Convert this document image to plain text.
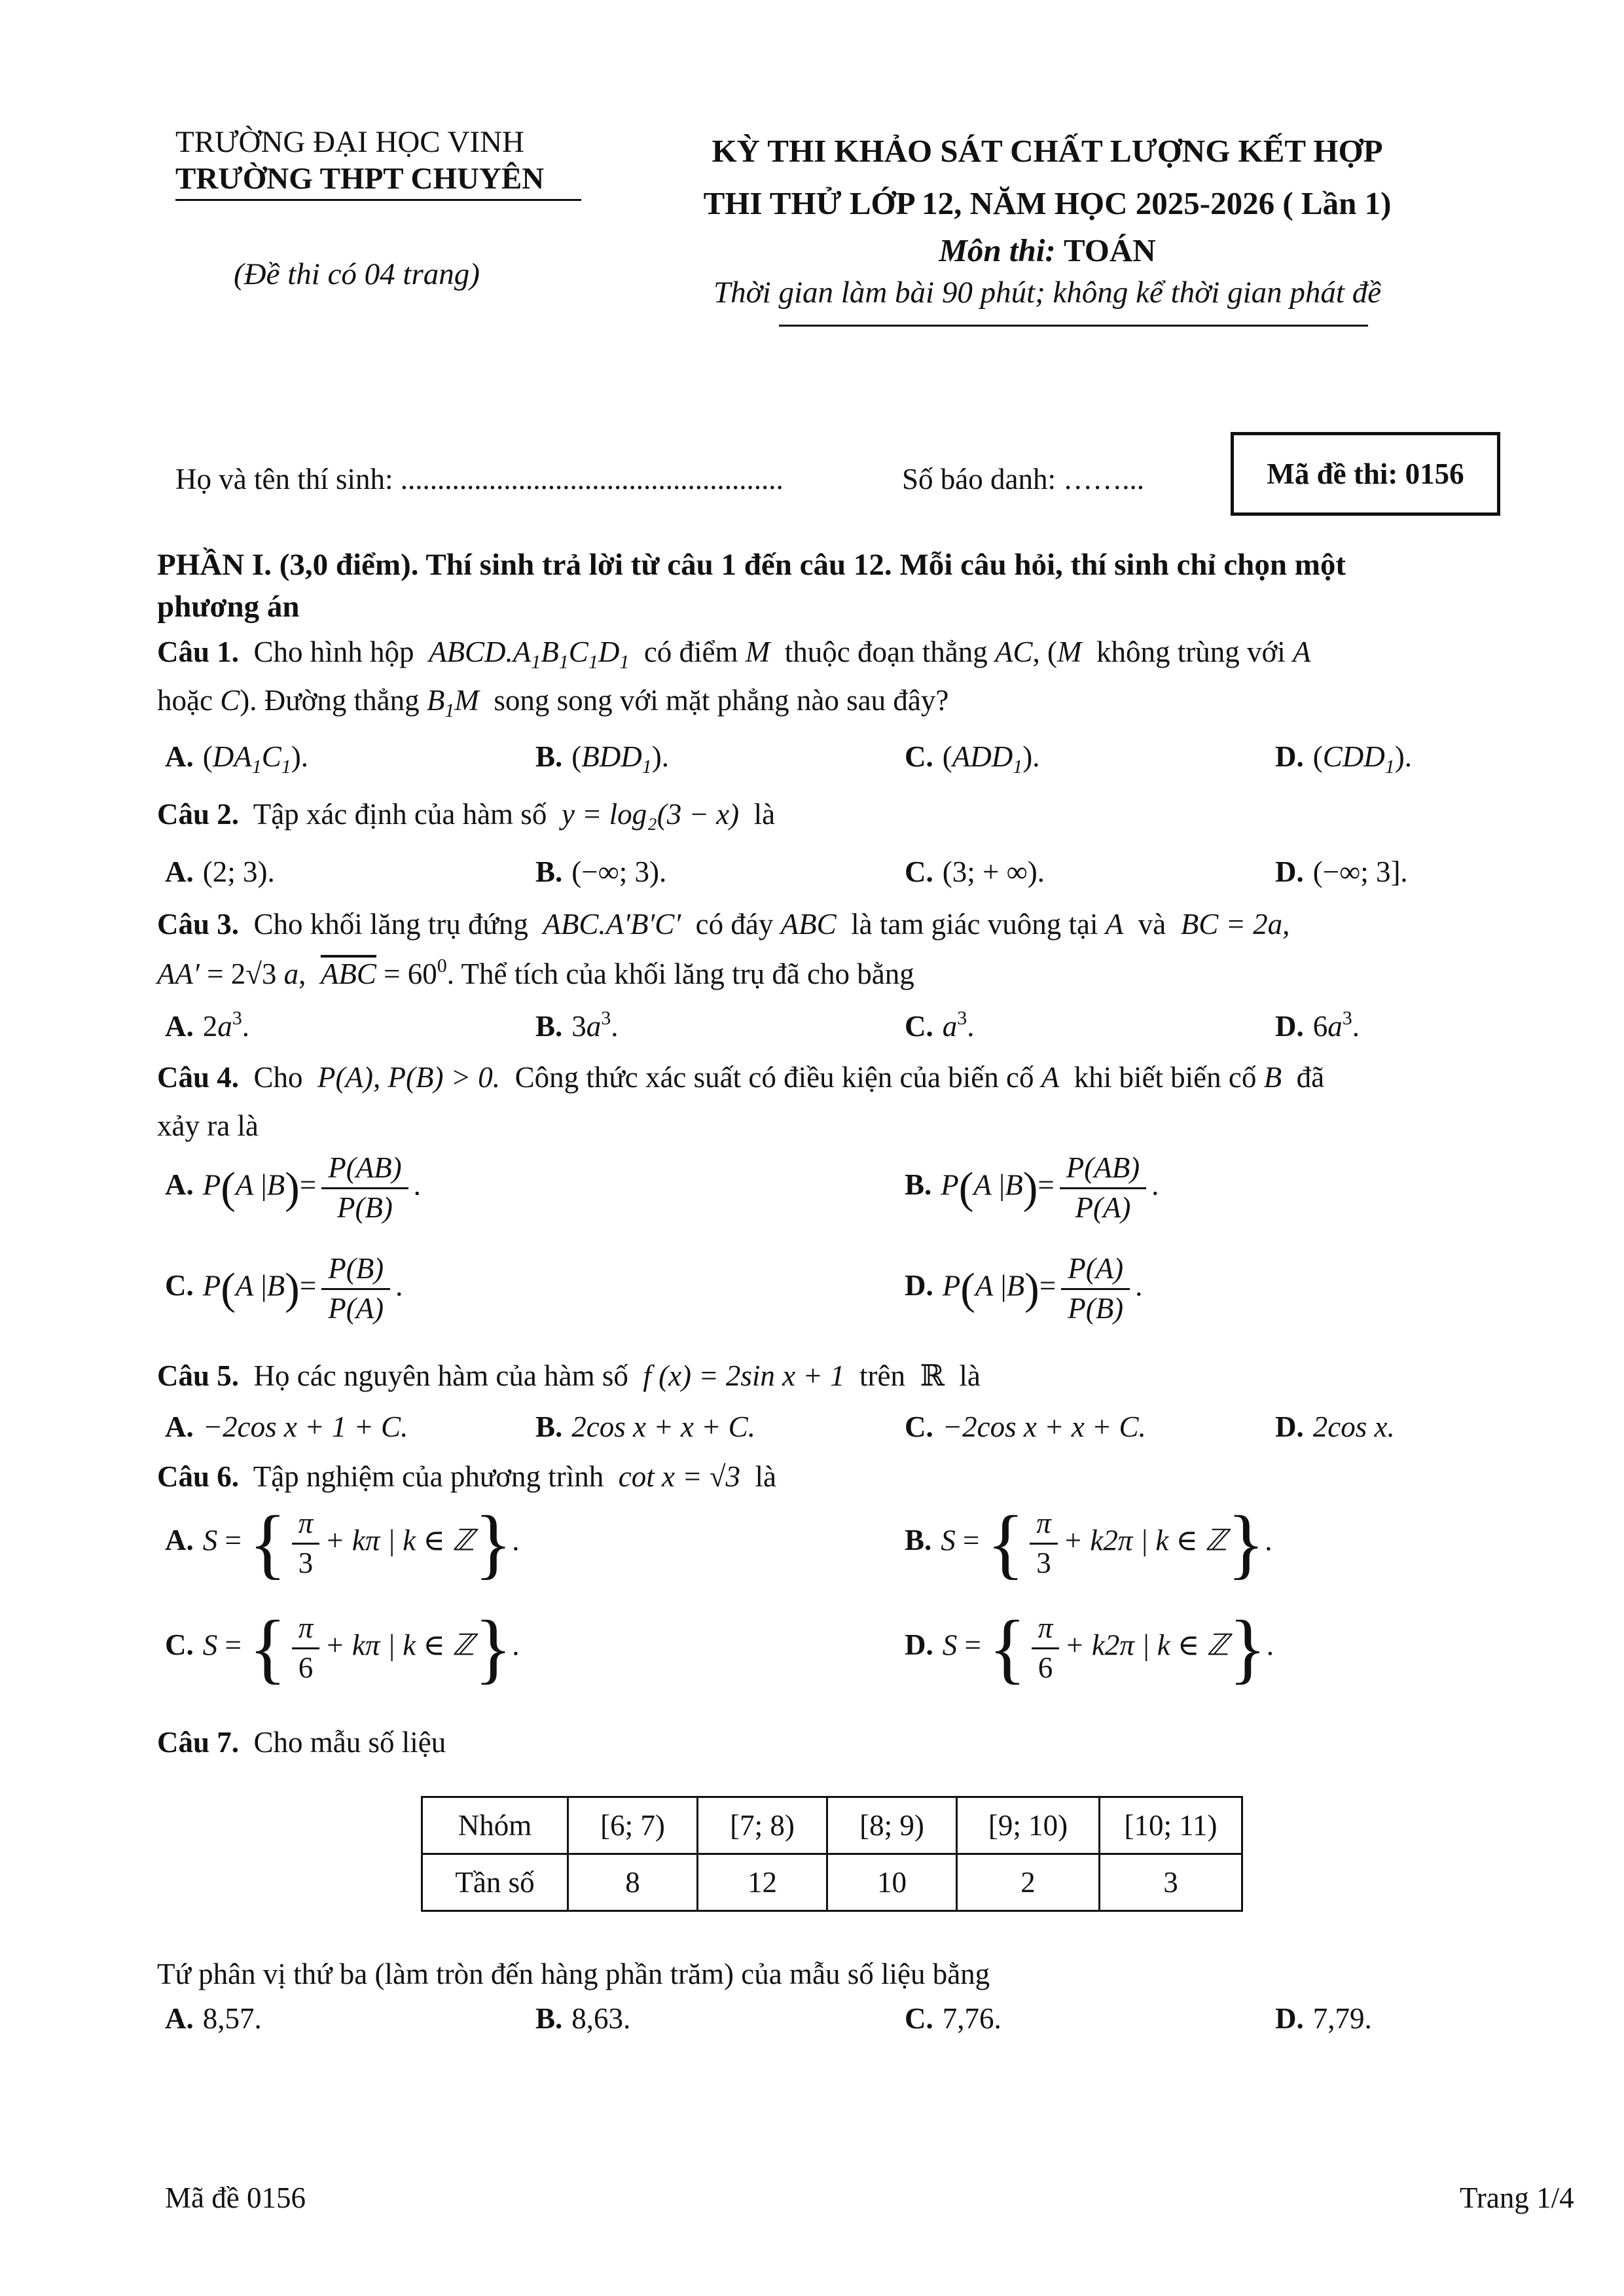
TRƯỜNG ĐẠI HỌC VINH
TRƯỜNG THPT CHUYÊN
(Đề thi có 04 trang)
KỲ THI KHẢO SÁT CHẤT LƯỢNG KẾT HỢP
THI THỬ LỚP 12, NĂM HỌC 2025-2026 ( Lần 1)
Môn thi: TOÁN
Thời gian làm bài 90 phút; không kể thời gian phát đề
Họ và tên thí sinh: ....................................................	Số báo danh: ……...	Mã đề thi: 0156
PHẦN I. (3,0 điểm). Thí sinh trả lời từ câu 1 đến câu 12. Mỗi câu hỏi, thí sinh chỉ chọn một
phương án
Câu 1. Cho hình hộp $ABCD.A_1B_1C_1D_1$ có điểm M thuộc đoạn thẳng AC, (M không trùng với A
hoặc C). Đường thẳng $B_1M$ song song với mặt phẳng nào sau đây?
A. $(DA_1C_1)$.	B. $(BDD_1)$.	C. $(ADD_1)$.	D. $(CDD_1)$.
Câu 2. Tập xác định của hàm số y = log₂(3 − x) là
A. (2; 3).	B. (−∞; 3).	C. (3; + ∞).	D. (−∞; 3].
Câu 3. Cho khối lăng trụ đứng ABC.A′B′C′ có đáy ABC là tam giác vuông tại A và BC = 2a,
AA′ = 2√3 a,  $\overline{ABC} = 60^0$. Thể tích của khối lăng trụ đã cho bằng
A. $2a^3$.	B. $3a^3$.	C. $a^3$.	D. $6a^3$.
Câu 4. Cho P(A), P(B) > 0. Công thức xác suất có điều kiện của biến cố A khi biết biến cố B đã
xảy ra là
A. P(A $|B)= \frac{P(AB)}{P(B)}$ .	B. P(A $|B)= \frac{P(AB)}{P(A)}$ .
C. P(A $|B)= \frac{P(B)}{P(A)}$ .	D. P(A $|B)= \frac{P(A)}{P(B)}$ .
Câu 5. Họ các nguyên hàm của hàm số f (x) = 2sin x + 1 trên ℝ là
A. −2cos x + 1 + C.	B. 2cos x + x + C.	C. −2cos x + x + C.	D. 2cos x.
Câu 6. Tập nghiệm của phương trình cot x = √3 là
A. S = { $\frac{\pi}{3} + k\pi$ | k ∈ ℤ}.	B. S = { $\frac{\pi}{3} + k2\pi$ | k ∈ ℤ}.
C. S = { $\frac{\pi}{6} + k\pi$ | k ∈ ℤ}.	D. S = { $\frac{\pi}{6} + k2\pi$ | k ∈ ℤ}.
Câu 7. Cho mẫu số liệu
Nhóm	[6; 7)	[7; 8)	[8; 9)	[9; 10)	[10; 11)
Tần số	8	12	10	2	3
Tứ phân vị thứ ba (làm tròn đến hàng phần trăm) của mẫu số liệu bằng
A. 8,57.	B. 8,63.	C. 7,76.	D. 7,79.
Mã đề 0156	Trang 1/4
